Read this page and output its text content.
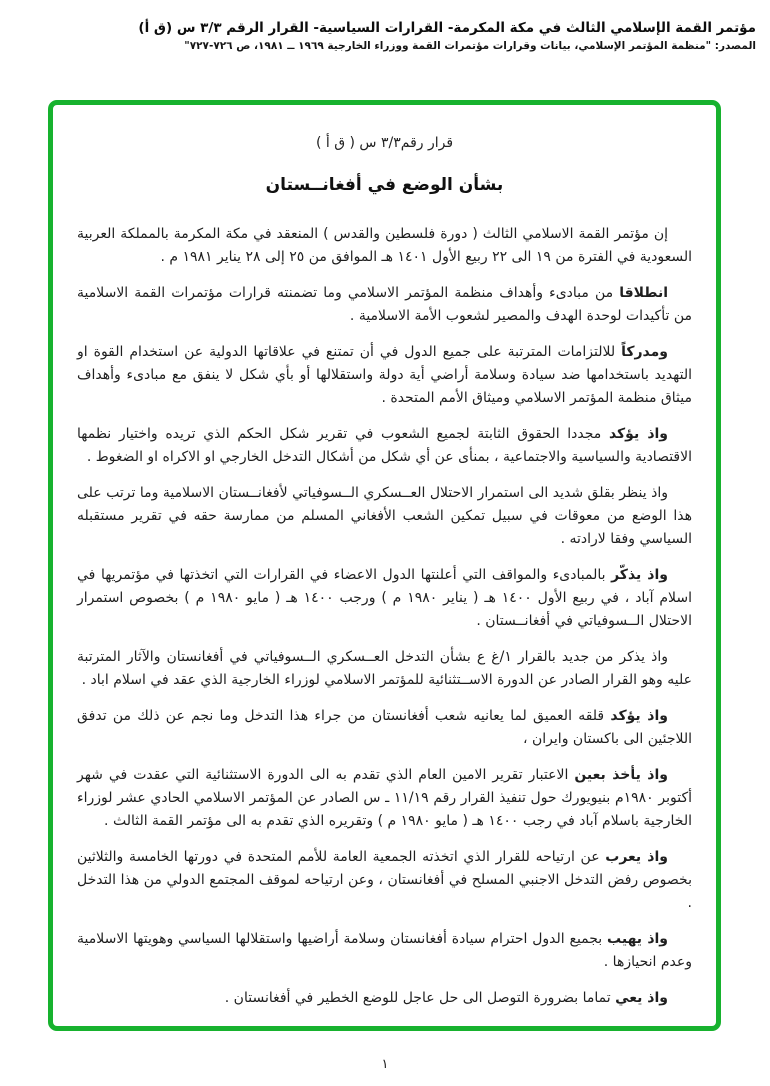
مؤتمر القمة الإسلامي الثالث في مكة المكرمة- القرارات السياسية- القرار الرقم ٣/٣ س (ق أ)
المصدر: "منظمة المؤتمر الإسلامي، بيانات وقرارات مؤتمرات القمة ووزراء الخارجية ١٩٦٩ ــ ١٩٨١، ص ٧٢٦-٧٢٧"
قرار رقم٣/٣ س ( ق أ )
بشأن الوضع في أفغانــستان

إن مؤتمر القمة الاسلامي الثالث ( دورة فلسطين والقدس ) المنعقد في مكة المكرمة بالمملكة العربية السعودية في الفترة من ١٩ الى ٢٢ ربيع الأول ١٤٠١ هـ الموافق من ٢٥ إلى ٢٨ يناير ١٩٨١ م .

انطلاقا من مبادىء وأهداف منظمة المؤتمر الاسلامي وما تضمنته قرارات مؤتمرات القمة الاسلامية من تأكيدات لوحدة الهدف والمصير لشعوب الأمة الاسلامية .

ومدركاً للالتزامات المترتبة على جميع الدول في أن تمتنع في علاقاتها الدولية عن استخدام القوة او التهديد باستخدامها ضد سيادة وسلامة أراضي أية دولة واستقلالها أو بأي شكل لا ينفق مع مبادىء وأهداف ميثاق منظمة المؤتمر الاسلامي وميثاق الأمم المتحدة .

واذ يؤكد مجددا الحقوق الثابتة لجميع الشعوب في تقرير شكل الحكم الذي تريده واختيار نظمها الاقتصادية والسياسية والاجتماعية ، بمنأى عن أي شكل من أشكال التدخل الخارجي او الاكراه او الضغوط .

واذ ينظر بقلق شديد الى استمرار الاحتلال العــسكري الــسوفياتي لأفغانــستان الاسلامية وما ترتب على هذا الوضع من معوقات في سبيل تمكين الشعب الأفغاني المسلم من ممارسة حقه في تقرير مستقبله السياسي وفقا لارادته .

واذ يذكّر بالمبادىء والمواقف التي أعلنتها الدول الاعضاء في القرارات التي اتخذتها في مؤتمريها في اسلام آباد ، في ربيع الأول ١٤٠٠ هـ ( يناير ١٩٨٠ م ) ورجب ١٤٠٠ هـ ( مايو ١٩٨٠ م ) بخصوص استمرار الاحتلال الــسوفياتي في أفغانــستان .

واذ يذكر من جديد بالقرار ١/غ ع بشأن التدخل العــسكري الــسوفياتي في أفغانستان والآثار المترتبة عليه وهو القرار الصادر عن الدورة الاســتثنائية للمؤتمر الاسلامي لوزراء الخارجية الذي عقد في اسلام اباد .

واذ يؤكد قلقه العميق لما يعانيه شعب أفغانستان من جراء هذا التدخل وما نجم عن ذلك من تدفق اللاجئين الى باكستان وايران ،

واذ يأخذ بعين الاعتبار تقرير الامين العام الذي تقدم به الى الدورة الاستثنائية التي عقدت في شهر أكتوبر ١٩٨٠م بنيويورك حول تنفيذ القرار رقم ١١/١٩ ـ س الصادر عن المؤتمر الاسلامي الحادي عشر لوزراء الخارجية باسلام آباد في رجب ١٤٠٠ هـ ( مايو ١٩٨٠ م ) وتقريره الذي تقدم به الى مؤتمر القمة الثالث .

واذ يعرب عن ارتياحه للقرار الذي اتخذته الجمعية العامة للأمم المتحدة في دورتها الخامسة والثلاثين بخصوص رفض التدخل الاجنبي المسلح في أفغانستان ، وعن ارتياحه لموقف المجتمع الدولي من هذا التدخل .

واذ يهيب بجميع الدول احترام سيادة أفغانستان وسلامة أراضيها واستقلالها السياسي وهويتها الاسلامية وعدم انحيازها .

واذ يعي تماما بضرورة التوصل الى حل عاجل للوضع الخطير في أفغانستان .

١
